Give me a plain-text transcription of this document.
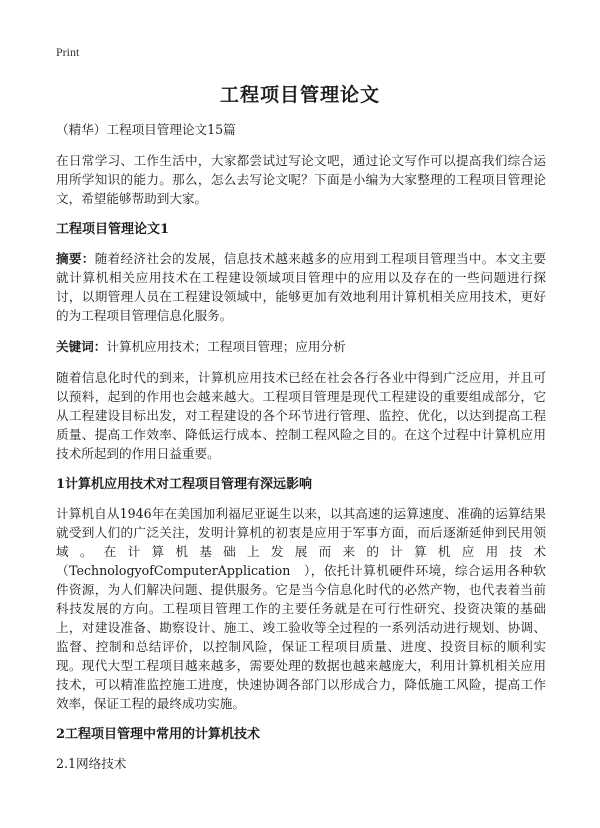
Print
工程项目管理论文

（精华）工程项目管理论文15篇

在日常学习、工作生活中，大家都尝试过写论文吧，通过论文写作可以提高我们综合运用所学知识的能力。那么，怎么去写论文呢？下面是小编为大家整理的工程项目管理论文，希望能够帮助到大家。

工程项目管理论文1

摘要：随着经济社会的发展，信息技术越来越多的应用到工程项目管理当中。本文主要就计算机相关应用技术在工程建设领域项目管理中的应用以及存在的一些问题进行探讨，以期管理人员在工程建设领域中，能够更加有效地利用计算机相关应用技术，更好的为工程项目管理信息化服务。

关键词：计算机应用技术；工程项目管理；应用分析

随着信息化时代的到来，计算机应用技术已经在社会各行各业中得到广泛应用，并且可以预料，起到的作用也会越来越大。工程项目管理是现代工程建设的重要组成部分，它从工程建设目标出发，对工程建设的各个环节进行管理、监控、优化，以达到提高工程质量、提高工作效率、降低运行成本、控制工程风险之目的。在这个过程中计算机应用技术所起到的作用日益重要。

1计算机应用技术对工程项目管理有深远影响

计算机自从1946年在美国加利福尼亚诞生以来，以其高速的运算速度、准确的运算结果就受到人们的广泛关注，发明计算机的初衷是应用于军事方面，而后逐渐延伸到民用领域。在计算机基础上发展而来的计算机应用技术（TechnologyofComputerApplication　），依托计算机硬件环境，综合运用各种软件资源，为人们解决问题、提供服务。它是当今信息化时代的必然产物，也代表着当前科技发展的方向。工程项目管理工作的主要任务就是在可行性研究、投资决策的基础上，对建设准备、勘察设计、施工、竣工验收等全过程的一系列活动进行规划、协调、监督、控制和总结评价，以控制风险，保证工程项目质量、进度、投资目标的顺利实现。现代大型工程项目越来越多，需要处理的数据也越来越庞大，利用计算机相关应用技术，可以精准监控施工进度，快速协调各部门以形成合力，降低施工风险，提高工作效率，保证工程的最终成功实施。

2工程项目管理中常用的计算机技术

2.1网络技术
